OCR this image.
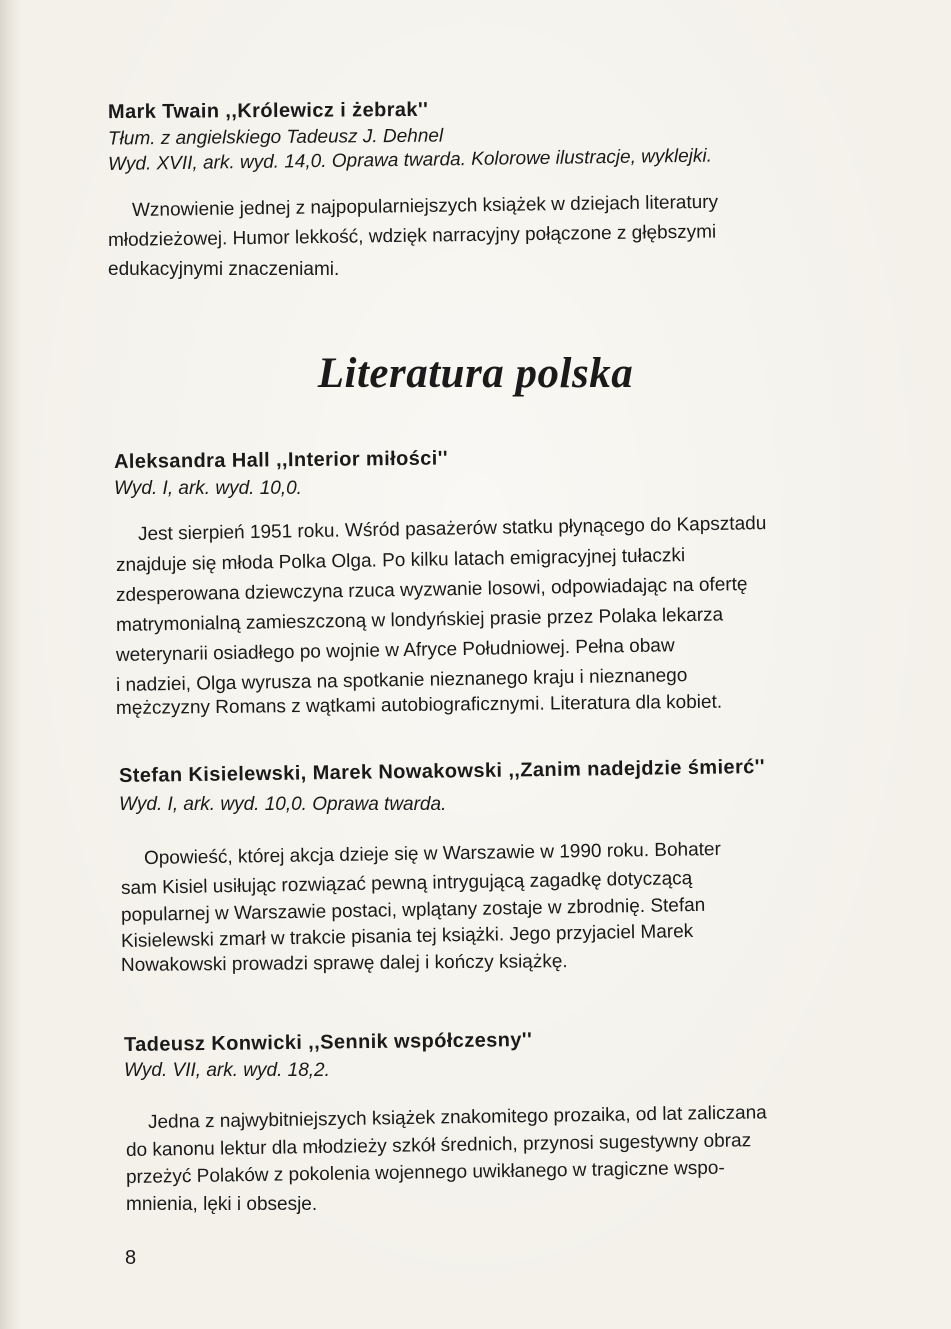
Mark Twain ,,Królewicz i żebrak''
Tłum. z angielskiego Tadeusz J. Dehnel
Wyd. XVII, ark. wyd. 14,0. Oprawa twarda. Kolorowe ilustracje, wyklejki.
Wznowienie jednej z najpopularniejszych książek w dziejach literatury
młodzieżowej. Humor lekkość, wdzięk narracyjny połączone z głębszymi
edukacyjnymi znaczeniami.
Literatura polska
Aleksandra Hall ,,Interior miłości''
Wyd. I, ark. wyd. 10,0.
Jest sierpień 1951 roku. Wśród pasażerów statku płynącego do Kapsztadu
znajduje się młoda Polka Olga. Po kilku latach emigracyjnej tułaczki
zdesperowana dziewczyna rzuca wyzwanie losowi, odpowiadając na ofertę
matrymonialną zamieszczoną w londyńskiej prasie przez Polaka lekarza
weterynarii osiadłego po wojnie w Afryce Południowej. Pełna obaw
i nadziei, Olga wyrusza na spotkanie nieznanego kraju i nieznanego
mężczyzny Romans z wątkami autobiograficznymi. Literatura dla kobiet.
Stefan Kisielewski, Marek Nowakowski ,,Zanim nadejdzie śmierć''
Wyd. I, ark. wyd. 10,0. Oprawa twarda.
Opowieść, której akcja dzieje się w Warszawie w 1990 roku. Bohater
sam Kisiel usiłując rozwiązać pewną intrygującą zagadkę dotyczącą
popularnej w Warszawie postaci, wplątany zostaje w zbrodnię. Stefan
Kisielewski zmarł w trakcie pisania tej książki. Jego przyjaciel Marek
Nowakowski prowadzi sprawę dalej i kończy książkę.
Tadeusz Konwicki ,,Sennik współczesny''
Wyd. VII, ark. wyd. 18,2.
Jedna z najwybitniejszych książek znakomitego prozaika, od lat zaliczana
do kanonu lektur dla młodzieży szkół średnich, przynosi sugestywny obraz
przeżyć Polaków z pokolenia wojennego uwikłanego w tragiczne wspo-
mnienia, lęki i obsesje.
8
